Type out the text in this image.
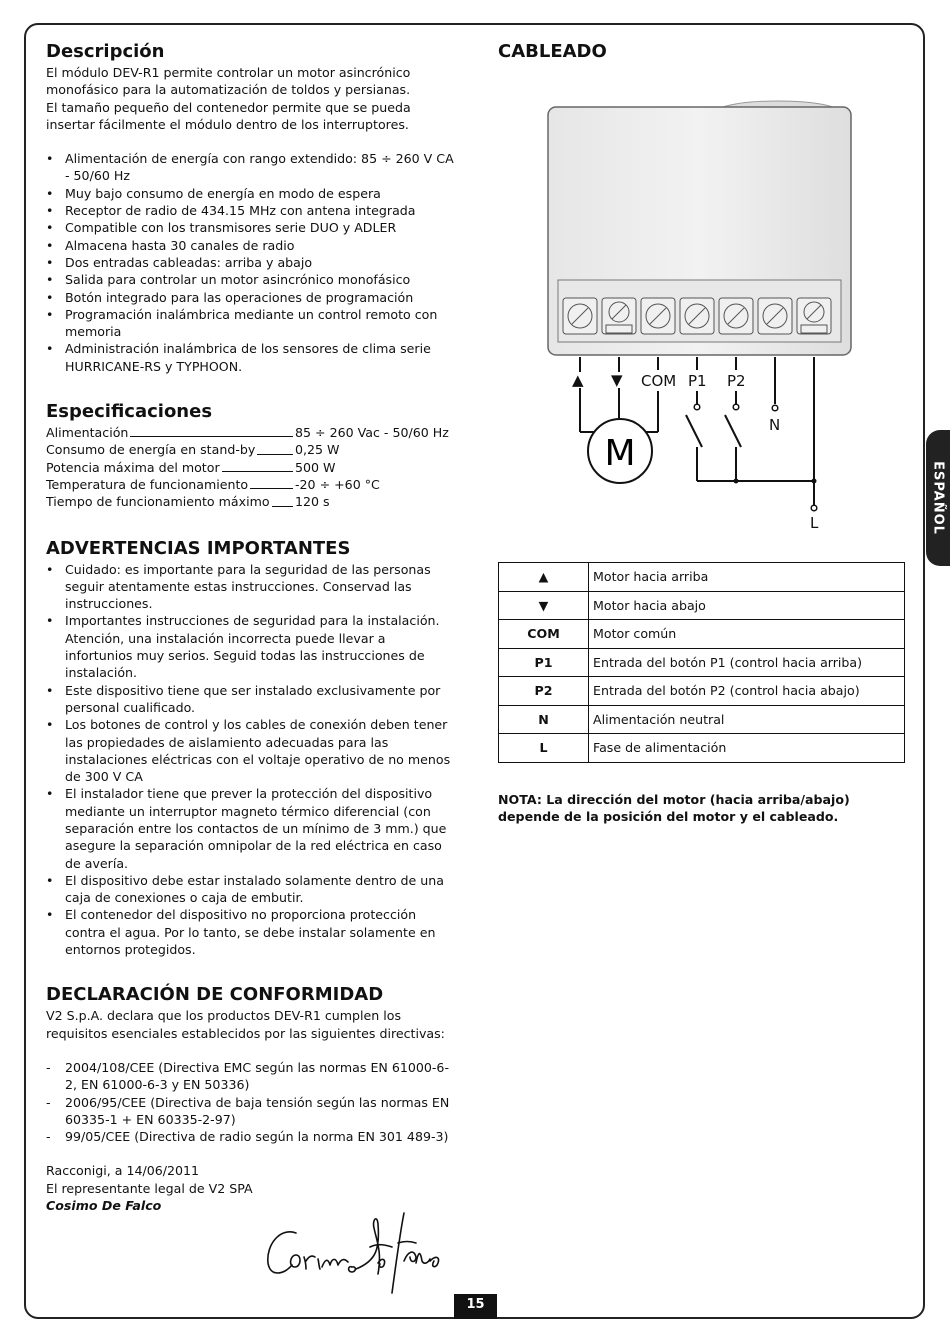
Descripción

El módulo DEV-R1 permite controlar un motor asincrónico monofásico para la automatización de toldos y persianas.

El tamaño pequeño del contenedor permite que se pueda insertar fácilmente el módulo dentro de los interruptores.

• Alimentación de energía con rango extendido: 85 ÷ 260 V CA - 50/60 Hz
• Muy bajo consumo de energía en modo de espera
• Receptor de radio de 434.15 MHz con antena integrada
• Compatible con los transmisores serie DUO y ADLER
• Almacena hasta 30 canales de radio
• Dos entradas cableadas: arriba y abajo
• Salida para controlar un motor asincrónico monofásico
• Botón integrado para las operaciones de programación
• Programación inalámbrica mediante un control remoto con memoria
• Administración inalámbrica de los sensores de clima serie HURRICANE-RS y TYPHOON.
Especificaciones
Alimentación	85 ÷ 260 Vac - 50/60 Hz
Consumo de energía en stand-by	0,25 W
Potencia máxima del motor	500 W
Temperatura de funcionamiento	-20 ÷ +60 °C
Tiempo de funcionamiento máximo 120 s
ADVERTENCIAS IMPORTANTES
• Cuidado: es importante para la seguridad de las personas seguir atentamente estas instrucciones. Conservad las instrucciones.
• Importantes instrucciones de seguridad para la instalación. Atención, una instalación incorrecta puede llevar a infortunios muy serios. Seguid todas las instrucciones de instalación.
• Este dispositivo tiene que ser instalado exclusivamente por personal cualificado.
• Los botones de control y los cables de conexión deben tener las propiedades de aislamiento adecuadas para las instalaciones eléctricas con el voltaje operativo de no menos de 300 V CA
• El instalador tiene que prever la protección del dispositivo mediante un interruptor magneto térmico diferencial (con separación entre los contactos de un mínimo de 3 mm.) que asegure la separación omnipolar de la red eléctrica en caso de avería.
• El dispositivo debe estar instalado solamente dentro de una caja de conexiones o caja de embutir.
• El contenedor del dispositivo no proporciona protección contra el agua. Por lo tanto, se debe instalar solamente en entornos protegidos.
DECLARACIÓN DE CONFORMIDAD

V2 S.p.A. declara que los productos DEV-R1 cumplen los requisitos esenciales establecidos por las siguientes directivas:

- 2004/108/CEE (Directiva EMC según las normas EN 61000-6-2, EN 61000-6-3 y EN 50336)
- 2006/95/CEE (Directiva de baja tensión según las normas EN 60335-1 + EN 60335-2-97)
- 99/05/CEE (Directiva de radio según la norma EN 301 489-3)

Racconigi, a 14/06/2011

El representante legal de V2 SPA

Cosimo De Falco

CABLEADO
M
▲ ▼ COM P1 P2
N
L
▲	Motor hacia arriba
▼	Motor hacia abajo
COM	Motor común
P1	Entrada del botón P1 (control hacia arriba)
P2	Entrada del botón P2 (control hacia abajo)
N	Alimentación neutral
L	Fase de alimentación
NOTA: La dirección del motor (hacia arriba/abajo) depende de la posición del motor y el cableado.
ESPAÑOL
15
